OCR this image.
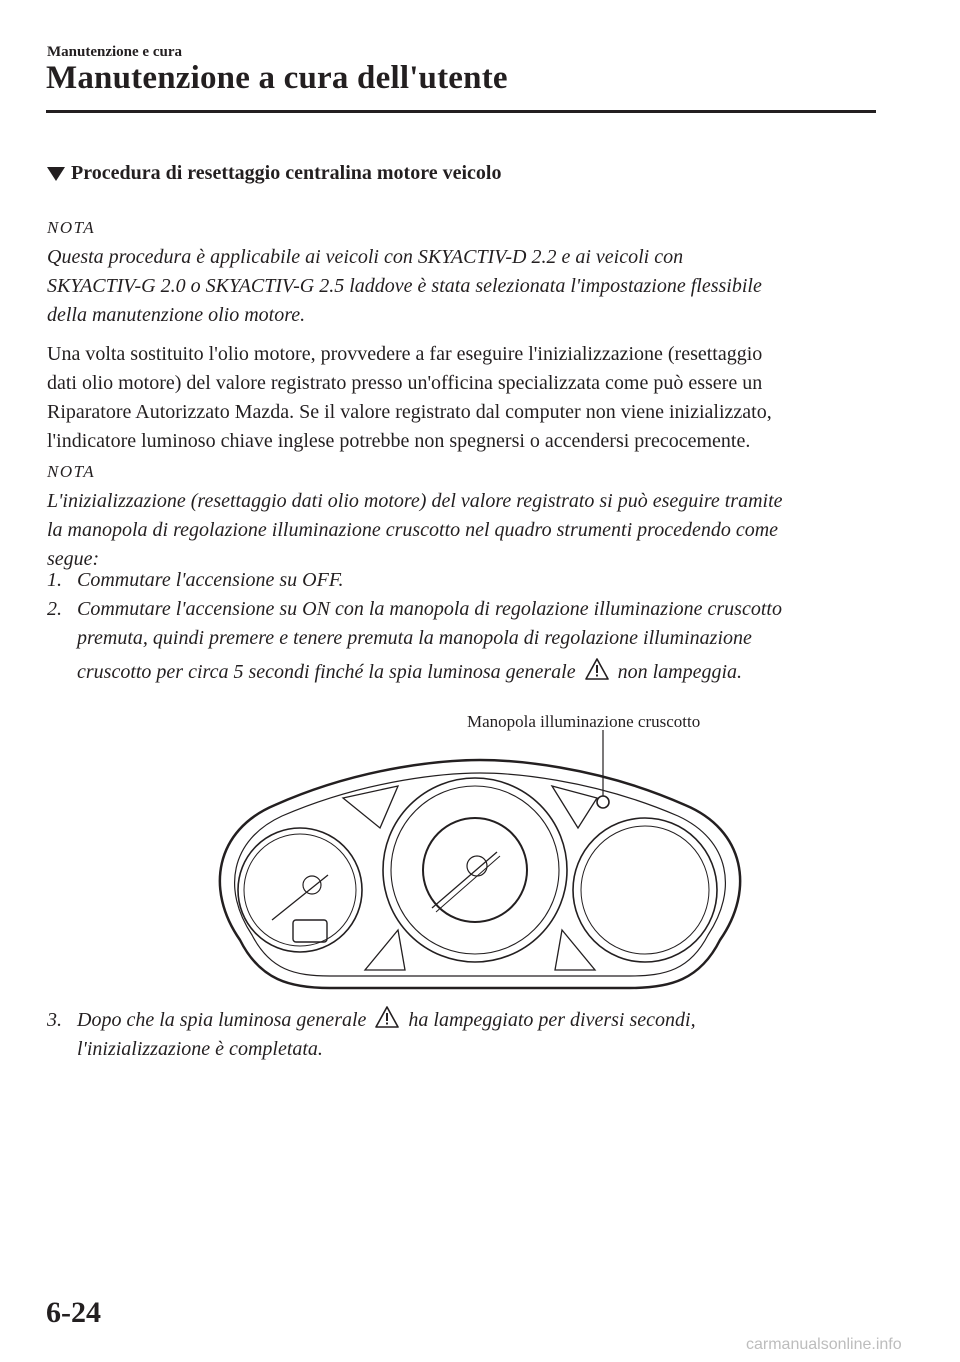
Manutenzione e cura
Manutenzione a cura dell'utente
Procedura di resettaggio centralina motore veicolo
NOTA
Questa procedura è applicabile ai veicoli con SKYACTIV-D 2.2 e ai veicoli con
SKYACTIV-G 2.0 o SKYACTIV-G 2.5 laddove è stata selezionata l'impostazione flessibile
della manutenzione olio motore.
Una volta sostituito l'olio motore, provvedere a far eseguire l'inizializzazione (resettaggio
dati olio motore) del valore registrato presso un'officina specializzata come può essere un
Riparatore Autorizzato Mazda. Se il valore registrato dal computer non viene inizializzato,
l'indicatore luminoso chiave inglese potrebbe non spegnersi o accendersi precocemente.
NOTA
L'inizializzazione (resettaggio dati olio motore) del valore registrato si può eseguire tramite
la manopola di regolazione illuminazione cruscotto nel quadro strumenti procedendo come
segue:
1. Commutare l'accensione su OFF.
2. Commutare l'accensione su ON con la manopola di regolazione illuminazione cruscotto
premuta, quindi premere e tenere premuta la manopola di regolazione illuminazione
cruscotto per circa 5 secondi finché la spia luminosa generale non lampeggia.
Manopola illuminazione cruscotto
3. Dopo che la spia luminosa generale ha lampeggiato per diversi secondi,
l'inizializzazione è completata.
6-24
carmanualsonline.info
